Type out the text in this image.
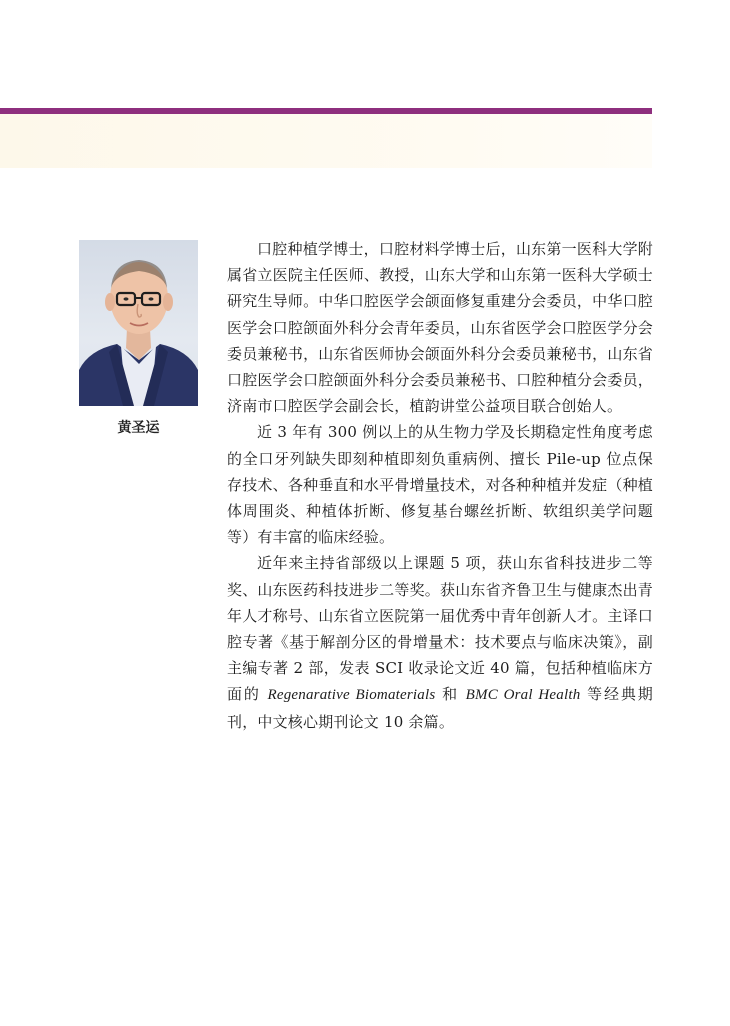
黄圣运

口腔种植学博士，口腔材料学博士后，山东第一医科大学附属省立医院主任医师、教授，山东大学和山东第一医科大学硕士研究生导师。中华口腔医学会颌面修复重建分会委员，中华口腔医学会口腔颌面外科分会青年委员，山东省医学会口腔医学分会委员兼秘书，山东省医师协会颌面外科分会委员兼秘书，山东省口腔医学会口腔颌面外科分会委员兼秘书、口腔种植分会委员，济南市口腔医学会副会长，植韵讲堂公益项目联合创始人。

近 3 年有 300 例以上的从生物力学及长期稳定性角度考虑的全口牙列缺失即刻种植即刻负重病例、擅长 Pile-up 位点保存技术、各种垂直和水平骨增量技术，对各种种植并发症（种植体周围炎、种植体折断、修复基台螺丝折断、软组织美学问题等）有丰富的临床经验。

近年来主持省部级以上课题 5 项，获山东省科技进步二等奖、山东医药科技进步二等奖。获山东省齐鲁卫生与健康杰出青年人才称号、山东省立医院第一届优秀中青年创新人才。主译口腔专著《基于解剖分区的骨增量术：技术要点与临床决策》，副主编专著 2 部，发表 SCI 收录论文近 40 篇，包括种植临床方面的 Regenarative Biomaterials 和 BMC Oral Health 等经典期刊，中文核心期刊论文 10 余篇。
